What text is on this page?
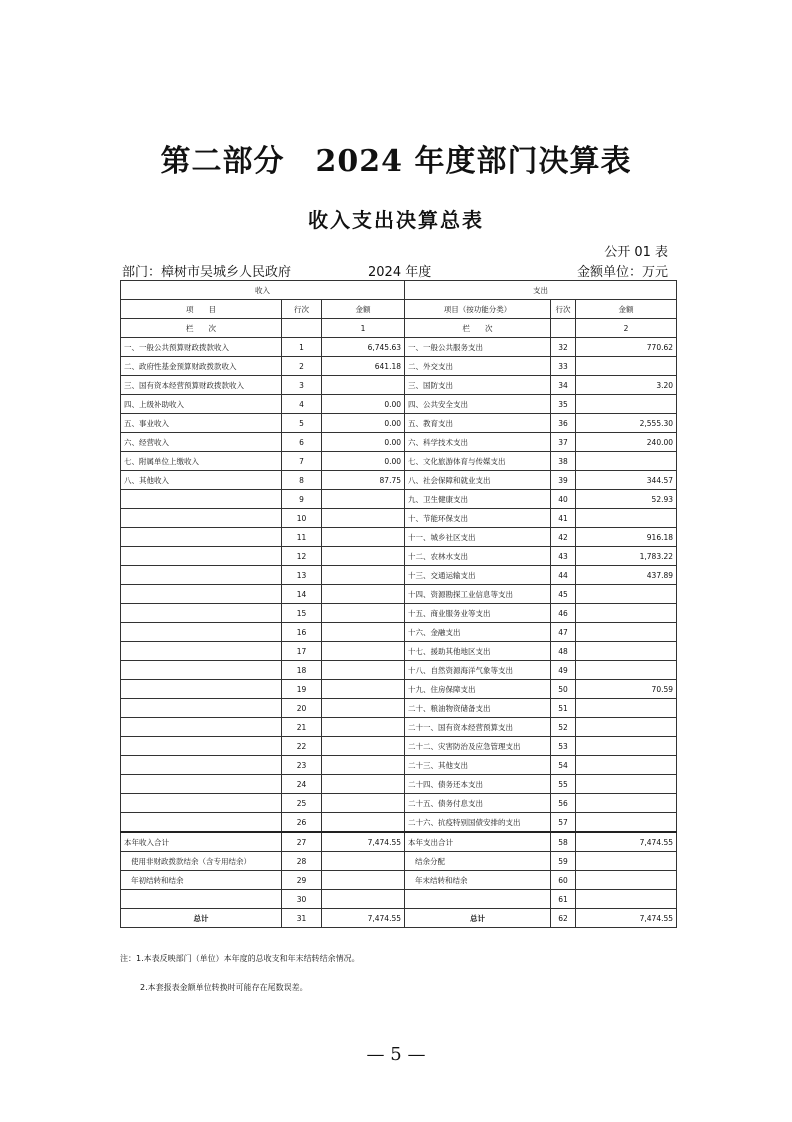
第二部分　2024 年度部门决算表
收入支出决算总表
公开 01 表
部门：樟树市吴城乡人民政府	2024 年度	金额单位：万元
收入			支出		
项　　目	行次	金额	项目（按功能分类）	行次	金额
栏　　次		1	栏　　次		2
一、一般公共预算财政拨款收入	1	6,745.63	一、一般公共服务支出	32	770.62
二、政府性基金预算财政拨款收入	2	641.18	二、外交支出	33	
三、国有资本经营预算财政拨款收入	3		三、国防支出	34	3.20
四、上级补助收入	4	0.00	四、公共安全支出	35	
五、事业收入	5	0.00	五、教育支出	36	2,555.30
六、经营收入	6	0.00	六、科学技术支出	37	240.00
七、附属单位上缴收入	7	0.00	七、文化旅游体育与传媒支出	38	
八、其他收入	8	87.75	八、社会保障和就业支出	39	344.57
	9		九、卫生健康支出	40	52.93
	10		十、节能环保支出	41	
	11		十一、城乡社区支出	42	916.18
	12		十二、农林水支出	43	1,783.22
	13		十三、交通运输支出	44	437.89
	14		十四、资源勘探工业信息等支出	45	
	15		十五、商业服务业等支出	46	
	16		十六、金融支出	47	
	17		十七、援助其他地区支出	48	
	18		十八、自然资源海洋气象等支出	49	
	19		十九、住房保障支出	50	70.59
	20		二十、粮油物资储备支出	51	
	21		二十一、国有资本经营预算支出	52	
	22		二十二、灾害防治及应急管理支出	53	
	23		二十三、其他支出	54	
	24		二十四、债务还本支出	55	
	25		二十五、债务付息支出	56	
	26		二十六、抗疫特别国债安排的支出	57	
本年收入合计	27	7,474.55	本年支出合计	58	7,474.55
使用非财政拨款结余（含专用结余）	28		结余分配	59	
年初结转和结余	29		年末结转和结余	60	
	30			61	
总计	31	7,474.55	总计	62	7,474.55
注：1.本表反映部门（单位）本年度的总收支和年末结转结余情况。
2.本套报表金额单位转换时可能存在尾数误差。
— 5 —
